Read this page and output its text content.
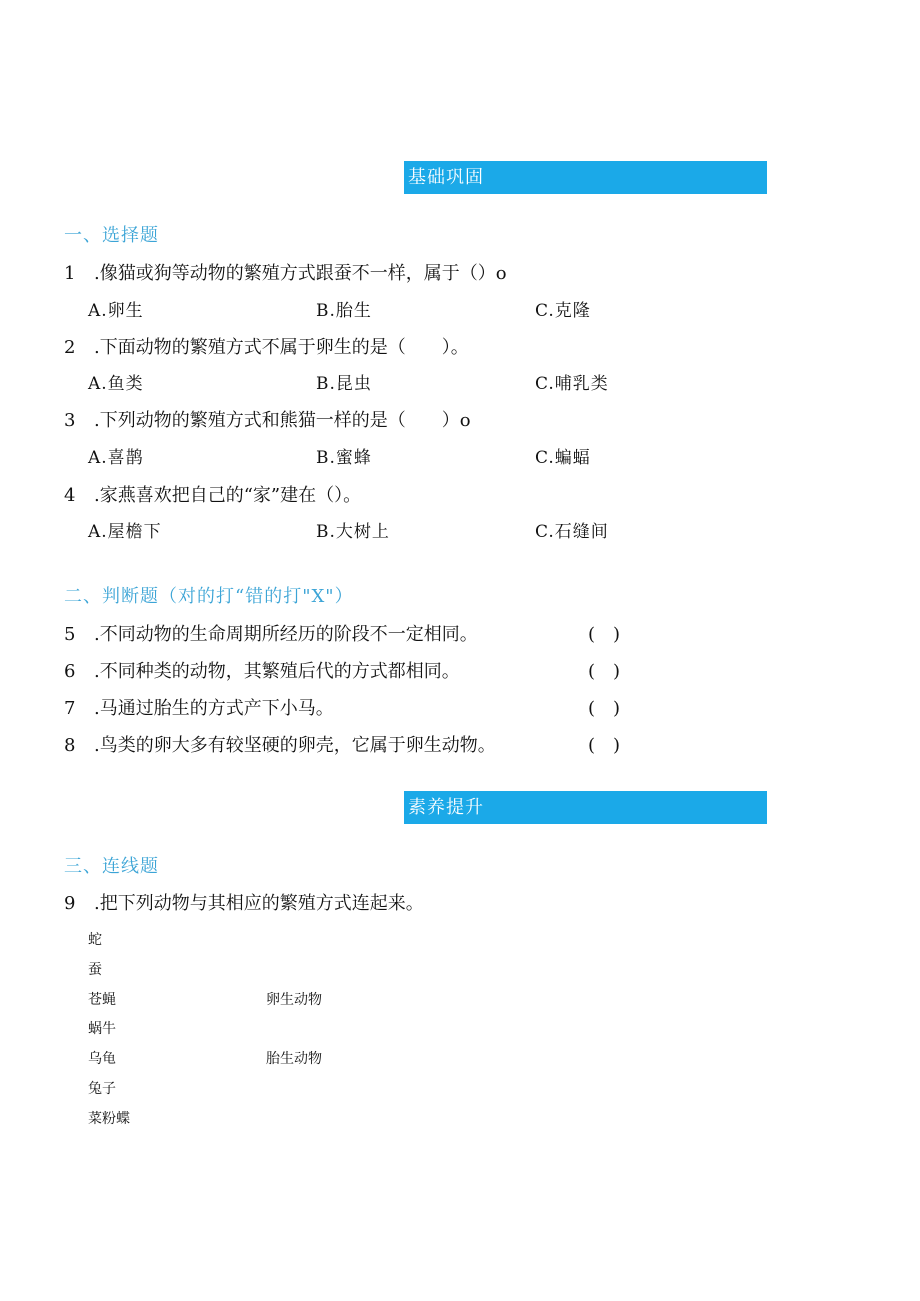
基础巩固
一、选择题
1 .像猫或狗等动物的繁殖方式跟蚕不一样，属于（）o
A.卵生	B.胎生	C.克隆
2 .下面动物的繁殖方式不属于卵生的是（　　）。
A.鱼类	B.昆虫	C.哺乳类
3 .下列动物的繁殖方式和熊猫一样的是（　　）o
A.喜鹊	B.蜜蜂	C.蝙蝠
4 .家燕喜欢把自己的“家”建在（）。
A.屋檐下	B.大树上	C.石缝间
二、判断题（对的打“错的打"X"）
5 .不同动物的生命周期所经历的阶段不一定相同。	(　)
6 .不同种类的动物，其繁殖后代的方式都相同。	(　)
7 .马通过胎生的方式产下小马。	(　)
8 .鸟类的卵大多有较坚硬的卵壳，它属于卵生动物。	(　)
素养提升
三、连线题
9 .把下列动物与其相应的繁殖方式连起来。
蛇
蚕
苍蝇
蜗牛
乌龟
兔子
菜粉蝶
卵生动物
胎生动物
